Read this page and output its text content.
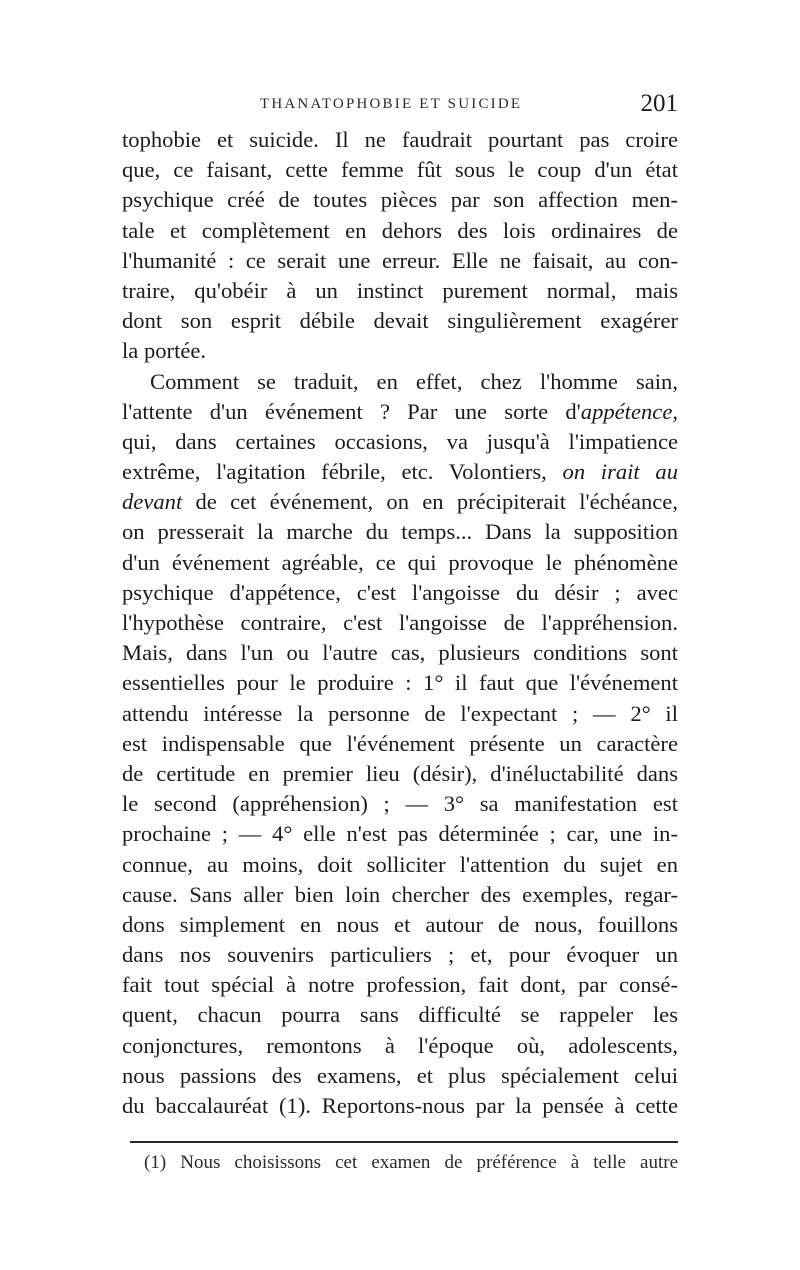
THANATOPHOBIE ET SUICIDE	201
tophobie et suicide. Il ne faudrait pourtant pas croire
que, ce faisant, cette femme fût sous le coup d'un état
psychique créé de toutes pièces par son affection men-
tale et complètement en dehors des lois ordinaires de
l'humanité : ce serait une erreur. Elle ne faisait, au con-
traire, qu'obéir à un instinct purement normal, mais
dont son esprit débile devait singulièrement exagérer
la portée.
Comment se traduit, en effet, chez l'homme sain,
l'attente d'un événement ? Par une sorte d'appétence,
qui, dans certaines occasions, va jusqu'à l'impatience
extrême, l'agitation fébrile, etc. Volontiers, on irait au
devant de cet événement, on en précipiterait l'échéance,
on presserait la marche du temps... Dans la supposition
d'un événement agréable, ce qui provoque le phénomène
psychique d'appétence, c'est l'angoisse du désir ; avec
l'hypothèse contraire, c'est l'angoisse de l'appréhension.
Mais, dans l'un ou l'autre cas, plusieurs conditions sont
essentielles pour le produire : 1° il faut que l'événement
attendu intéresse la personne de l'expectant ; — 2° il
est indispensable que l'événement présente un caractère
de certitude en premier lieu (désir), d'inéluctabilité dans
le second (appréhension) ; — 3° sa manifestation est
prochaine ; — 4° elle n'est pas déterminée ; car, une in-
connue, au moins, doit solliciter l'attention du sujet en
cause. Sans aller bien loin chercher des exemples, regar-
dons simplement en nous et autour de nous, fouillons
dans nos souvenirs particuliers ; et, pour évoquer un
fait tout spécial à notre profession, fait dont, par consé-
quent, chacun pourra sans difficulté se rappeler les
conjonctures, remontons à l'époque où, adolescents,
nous passions des examens, et plus spécialement celui
du baccalauréat (1). Reportons-nous par la pensée à cette
(1) Nous choisissons cet examen de préférence à telle autre
